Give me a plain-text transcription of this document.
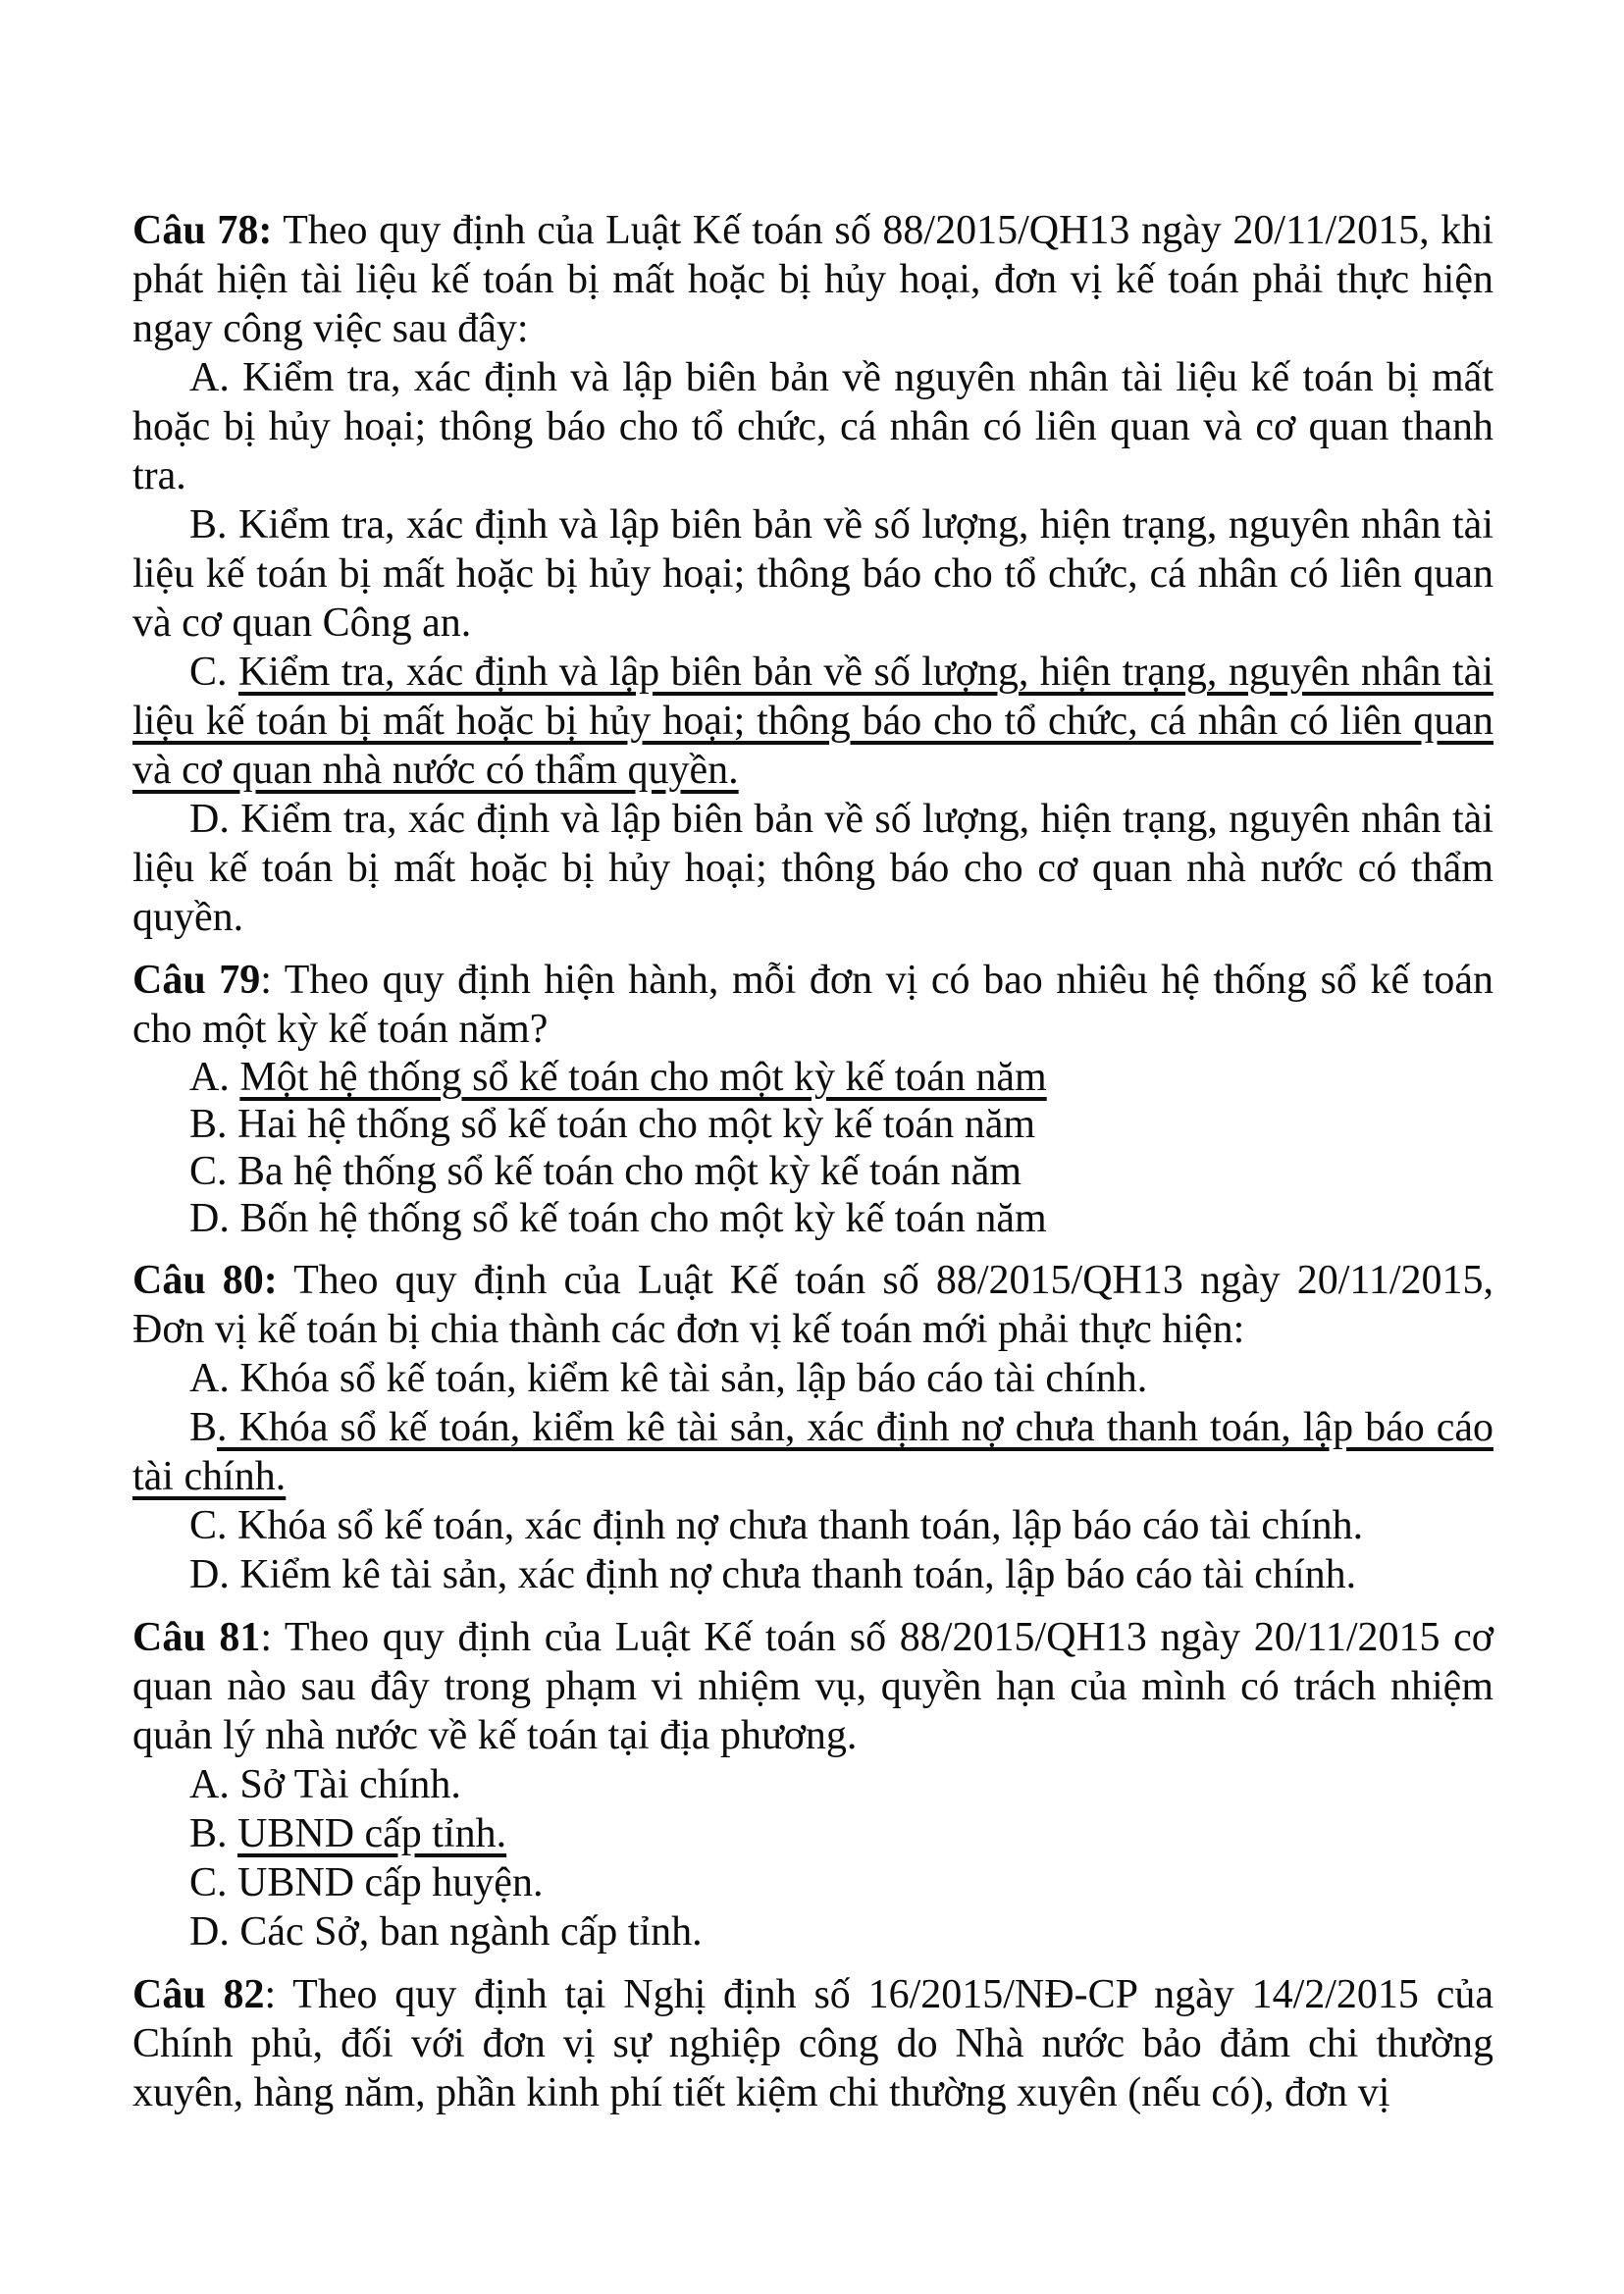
Câu 78: Theo quy định của Luật Kế toán số 88/2015/QH13 ngày 20/11/2015, khi phát hiện tài liệu kế toán bị mất hoặc bị hủy hoại, đơn vị kế toán phải thực hiện ngay công việc sau đây:

A. Kiểm tra, xác định và lập biên bản về nguyên nhân tài liệu kế toán bị mất hoặc bị hủy hoại; thông báo cho tổ chức, cá nhân có liên quan và cơ quan thanh tra.

B. Kiểm tra, xác định và lập biên bản về số lượng, hiện trạng, nguyên nhân tài liệu kế toán bị mất hoặc bị hủy hoại; thông báo cho tổ chức, cá nhân có liên quan và cơ quan Công an.

C. Kiểm tra, xác định và lập biên bản về số lượng, hiện trạng, nguyên nhân tài liệu kế toán bị mất hoặc bị hủy hoại; thông báo cho tổ chức, cá nhân có liên quan và cơ quan nhà nước có thẩm quyền.

D. Kiểm tra, xác định và lập biên bản về số lượng, hiện trạng, nguyên nhân tài liệu kế toán bị mất hoặc bị hủy hoại; thông báo cho cơ quan nhà nước có thẩm quyền.

Câu 79: Theo quy định hiện hành, mỗi đơn vị có bao nhiêu hệ thống sổ kế toán cho một kỳ kế toán năm?

A. Một hệ thống sổ kế toán cho một kỳ kế toán năm

B. Hai hệ thống sổ kế toán cho một kỳ kế toán năm

C. Ba hệ thống sổ kế toán cho một kỳ kế toán năm

D. Bốn hệ thống sổ kế toán cho một kỳ kế toán năm

Câu 80: Theo quy định của Luật Kế toán số 88/2015/QH13 ngày 20/11/2015, Đơn vị kế toán bị chia thành các đơn vị kế toán mới phải thực hiện:

A. Khóa sổ kế toán, kiểm kê tài sản, lập báo cáo tài chính.

B. Khóa sổ kế toán, kiểm kê tài sản, xác định nợ chưa thanh toán, lập báo cáo tài chính.

C. Khóa sổ kế toán, xác định nợ chưa thanh toán, lập báo cáo tài chính.

D. Kiểm kê tài sản, xác định nợ chưa thanh toán, lập báo cáo tài chính.

Câu 81: Theo quy định của Luật Kế toán số 88/2015/QH13 ngày 20/11/2015 cơ quan nào sau đây trong phạm vi nhiệm vụ, quyền hạn của mình có trách nhiệm quản lý nhà nước về kế toán tại địa phương.

A. Sở Tài chính.

B. UBND cấp tỉnh.

C. UBND cấp huyện.

D. Các Sở, ban ngành cấp tỉnh.

Câu 82: Theo quy định tại Nghị định số 16/2015/NĐ-CP ngày 14/2/2015 của Chính phủ, đối với đơn vị sự nghiệp công do Nhà nước bảo đảm chi thường xuyên, hàng năm, phần kinh phí tiết kiệm chi thường xuyên (nếu có), đơn vị
